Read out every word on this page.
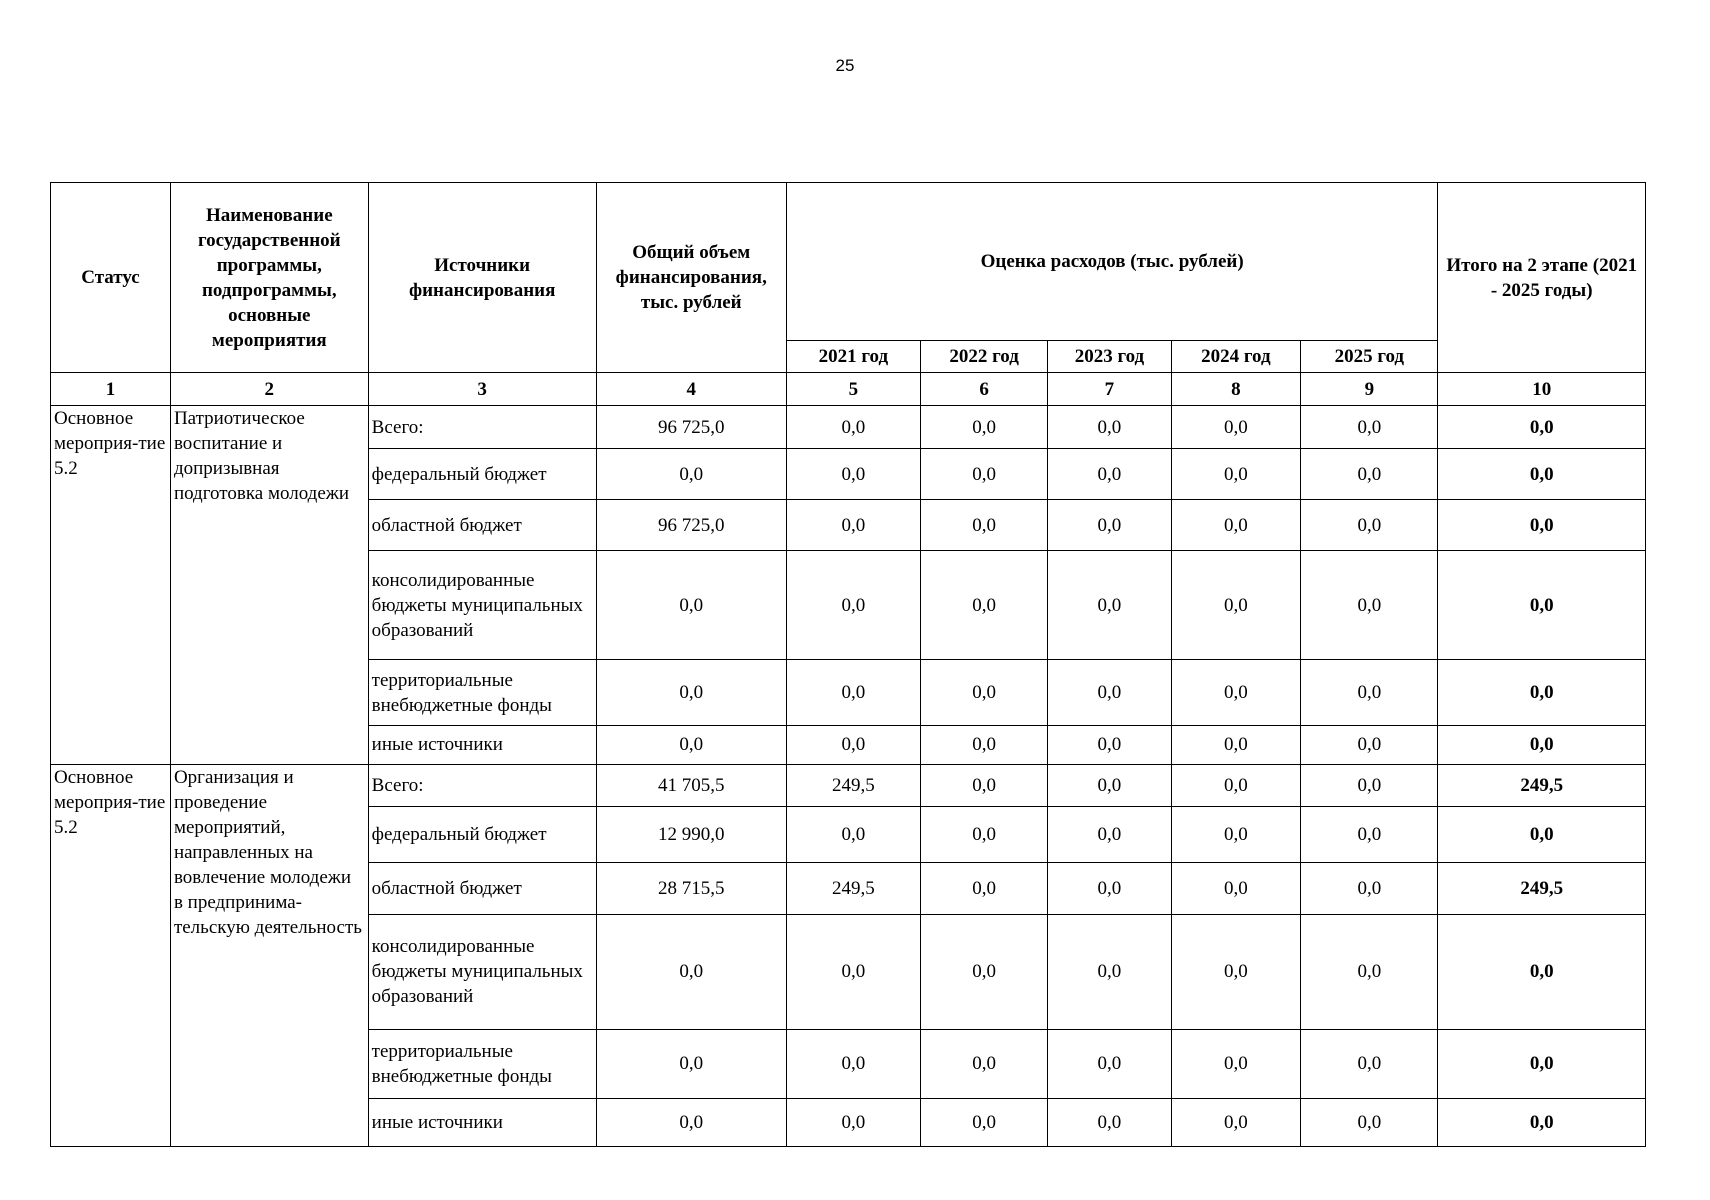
25
Статус	Наименование государственной программы, подпрограммы, основные мероприятия	Источники финансирования	Общий объем финансирования, тыс. рублей	Оценка расходов (тыс. рублей)					Итого на 2 этапе (2021 - 2025 годы)
				2021 год	2022 год	2023 год	2024 год	2025 год	
1	2	3	4	5	6	7	8	9	10
Основное мероприя-тие 5.2	Патриотическое воспитание и допризывная подготовка молодежи	Всего:	96 725,0	0,0	0,0	0,0	0,0	0,0	0,0
		федеральный бюджет	0,0	0,0	0,0	0,0	0,0	0,0	0,0
		областной бюджет	96 725,0	0,0	0,0	0,0	0,0	0,0	0,0
		консолидированные бюджеты муниципальных образований	0,0	0,0	0,0	0,0	0,0	0,0	0,0
		территориальные внебюджетные фонды	0,0	0,0	0,0	0,0	0,0	0,0	0,0
		иные источники	0,0	0,0	0,0	0,0	0,0	0,0	0,0
Основное мероприя-тие 5.2	Организация и проведение мероприятий, направленных на вовлечение молодежи в предпринима-тельскую деятельность	Всего:	41 705,5	249,5	0,0	0,0	0,0	0,0	249,5
		федеральный бюджет	12 990,0	0,0	0,0	0,0	0,0	0,0	0,0
		областной бюджет	28 715,5	249,5	0,0	0,0	0,0	0,0	249,5
		консолидированные бюджеты муниципальных образований	0,0	0,0	0,0	0,0	0,0	0,0	0,0
		территориальные внебюджетные фонды	0,0	0,0	0,0	0,0	0,0	0,0	0,0
		иные источники	0,0	0,0	0,0	0,0	0,0	0,0	0,0
